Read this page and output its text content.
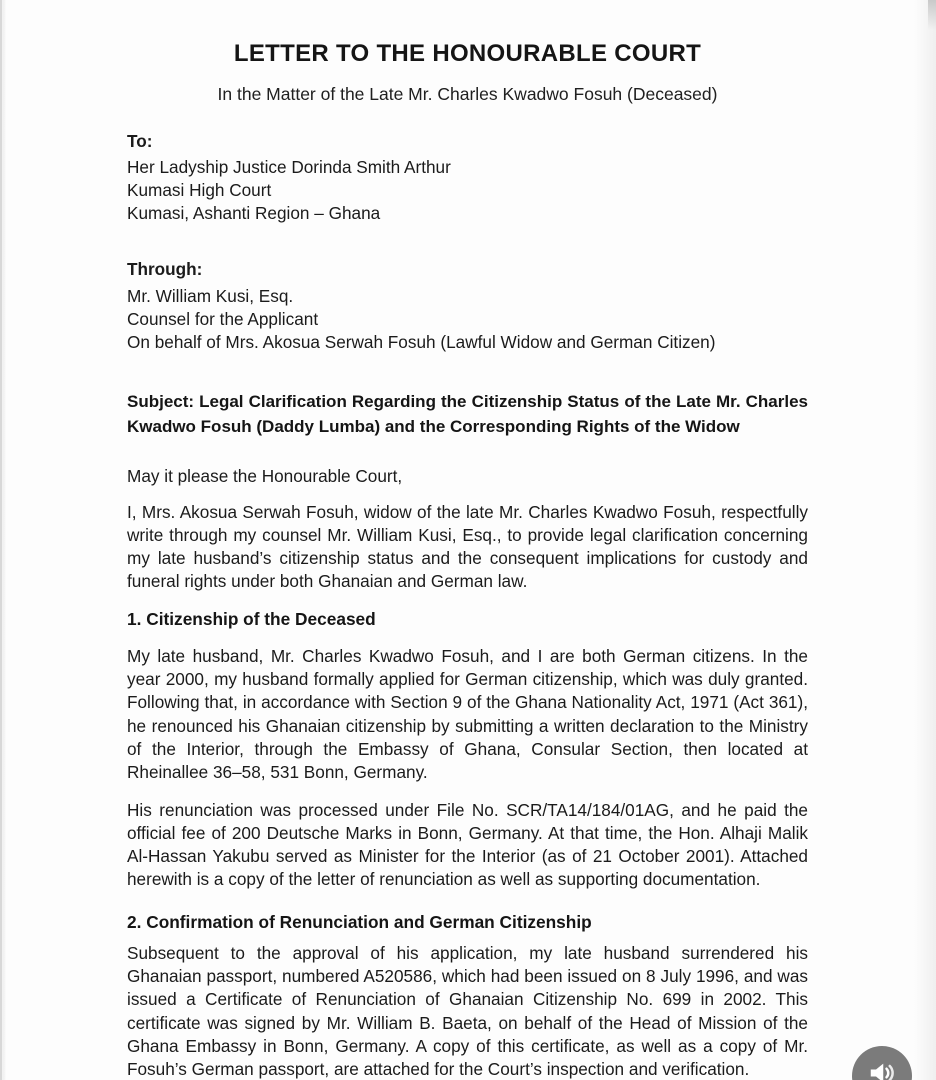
LETTER TO THE HONOURABLE COURT
In the Matter of the Late Mr. Charles Kwadwo Fosuh (Deceased)
To:
Her Ladyship Justice Dorinda Smith Arthur
Kumasi High Court
Kumasi, Ashanti Region – Ghana
Through:
Mr. William Kusi, Esq.
Counsel for the Applicant
On behalf of Mrs. Akosua Serwah Fosuh (Lawful Widow and German Citizen)
Subject: Legal Clarification Regarding the Citizenship Status of the Late Mr. Charles Kwadwo Fosuh (Daddy Lumba) and the Corresponding Rights of the Widow
May it please the Honourable Court,
I, Mrs. Akosua Serwah Fosuh, widow of the late Mr. Charles Kwadwo Fosuh, respectfully write through my counsel Mr. William Kusi, Esq., to provide legal clarification concerning my late husband’s citizenship status and the consequent implications for custody and funeral rights under both Ghanaian and German law.
1. Citizenship of the Deceased
My late husband, Mr. Charles Kwadwo Fosuh, and I are both German citizens. In the year 2000, my husband formally applied for German citizenship, which was duly granted. Following that, in accordance with Section 9 of the Ghana Nationality Act, 1971 (Act 361), he renounced his Ghanaian citizenship by submitting a written declaration to the Ministry of the Interior, through the Embassy of Ghana, Consular Section, then located at Rheinallee 36–58, 531 Bonn, Germany.
His renunciation was processed under File No. SCR/TA14/184/01AG, and he paid the official fee of 200 Deutsche Marks in Bonn, Germany. At that time, the Hon. Alhaji Malik Al-Hassan Yakubu served as Minister for the Interior (as of 21 October 2001). Attached herewith is a copy of the letter of renunciation as well as supporting documentation.
2. Confirmation of Renunciation and German Citizenship
Subsequent to the approval of his application, my late husband surrendered his Ghanaian passport, numbered A520586, which had been issued on 8 July 1996, and was issued a Certificate of Renunciation of Ghanaian Citizenship No. 699 in 2002. This certificate was signed by Mr. William B. Baeta, on behalf of the Head of Mission of the Ghana Embassy in Bonn, Germany. A copy of this certificate, as well as a copy of Mr. Fosuh’s German passport, are attached for the Court’s inspection and verification.
